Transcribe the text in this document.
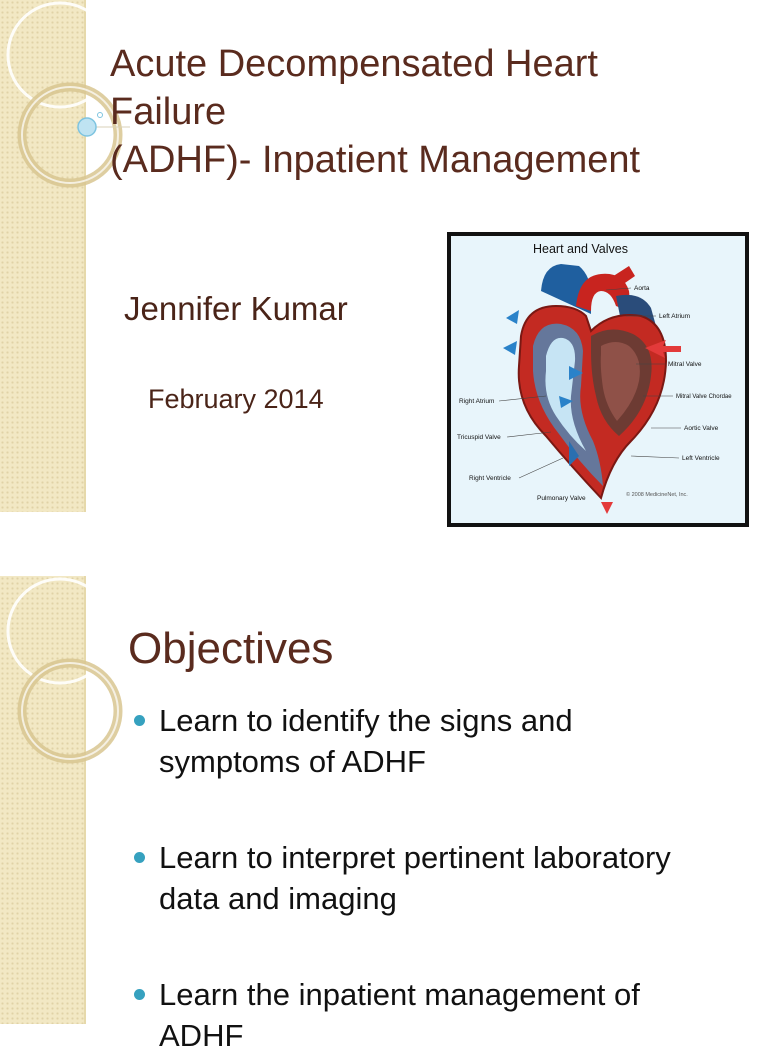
Acute Decompensated Heart
Failure
(ADHF)- Inpatient Management

Jennifer Kumar

February 2014

Heart and Valves
Aorta
Left Atrium
Mitral Valve
Mitral Valve Chordae
Aortic Valve
Left Ventricle
Right Atrium
Tricuspid Valve
Right Ventricle
Pulmonary Valve	© 2008 MedicineNet, Inc.
Objectives
Learn to identify the signs and
symptoms of ADHF
Learn to interpret pertinent laboratory
data and imaging
Learn the inpatient management of
ADHF
